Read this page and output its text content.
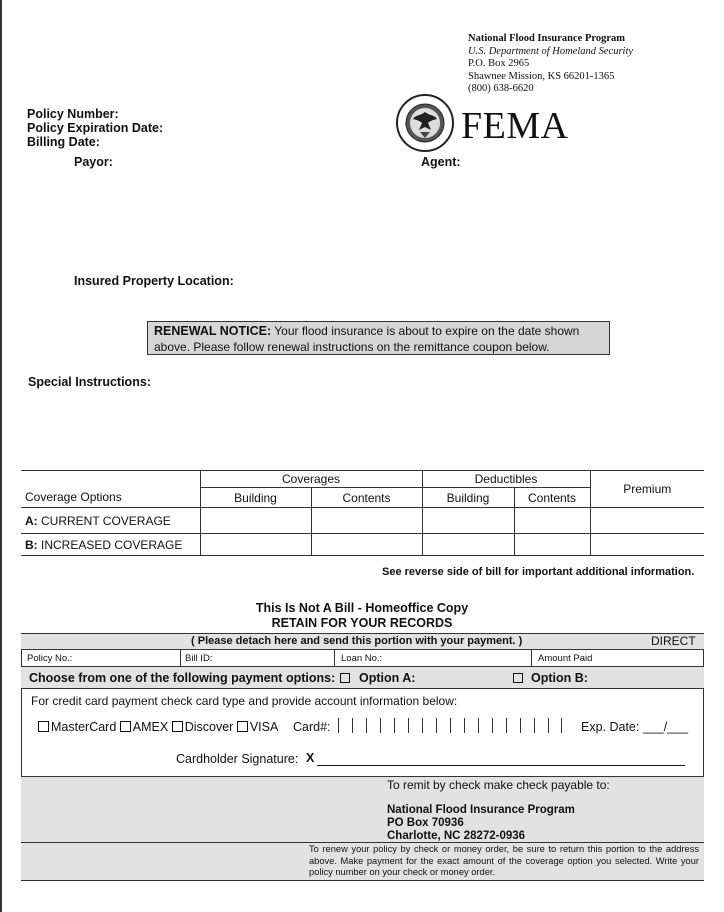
National Flood Insurance Program
U.S. Department of Homeland Security
P.O. Box 2965
Shawnee Mission, KS 66201-1365
(800) 638-6620
FEMA
Policy Number:
Policy Expiration Date:
Billing Date:
Payor:	Agent:
Insured Property Location:
RENEWAL NOTICE: Your flood insurance is about to expire on the date shown
above. Please follow renewal instructions on the remittance coupon below.
Special Instructions:
Coverage Options	Coverages		Deductibles		Premium
	Building	Contents	Building	Contents	
A: CURRENT COVERAGE					
B: INCREASED COVERAGE					
See reverse side of bill for important additional information.
This Is Not A Bill - Homeoffice Copy
RETAIN FOR YOUR RECORDS
( Please detach here and send this portion with your payment. )	DIRECT
Policy No.:	Bill ID:	Loan No.:	Amount Paid
Choose from one of the following payment options: Option A:	Option B:
For credit card payment check card type and provide account information below:
MasterCard AMEX Discover VISA Card#:	Exp. Date: ___/___
Cardholder Signature: X
To remit by check make check payable to:
National Flood Insurance Program
PO Box 70936
Charlotte, NC 28272-0936
To renew your policy by check or money order, be sure to return this portion to the address above. Make payment for the exact amount of the coverage option you selected. Write your policy number on your check or money order.
